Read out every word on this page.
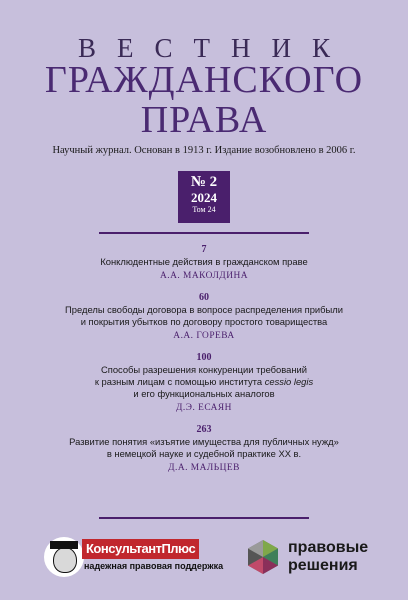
ВЕСТНИК
ГРАЖДАНСКОГО
ПРАВА
Научный журнал. Основан в 1913 г. Издание возобновлено в 2006 г.
№ 2
2024
Том 24
7
Конклюдентные действия в гражданском праве
А.А. МАКОЛДИНА
60
Пределы свободы договора в вопросе распределения прибыли
и покрытия убытков по договору простого товарищества
А.А. ГОРЕВА
100
Способы разрешения конкуренции требований
к разным лицам с помощью института cessio legis
и его функциональных аналогов
Д.Э. ЕСАЯН
263
Развитие понятия «изъятие имущества для публичных нужд»
в немецкой науке и судебной практике XX в.
Д.А. МАЛЬЦЕВ
КонсультантПлюс
надежная правовая поддержка
правовые
решения
